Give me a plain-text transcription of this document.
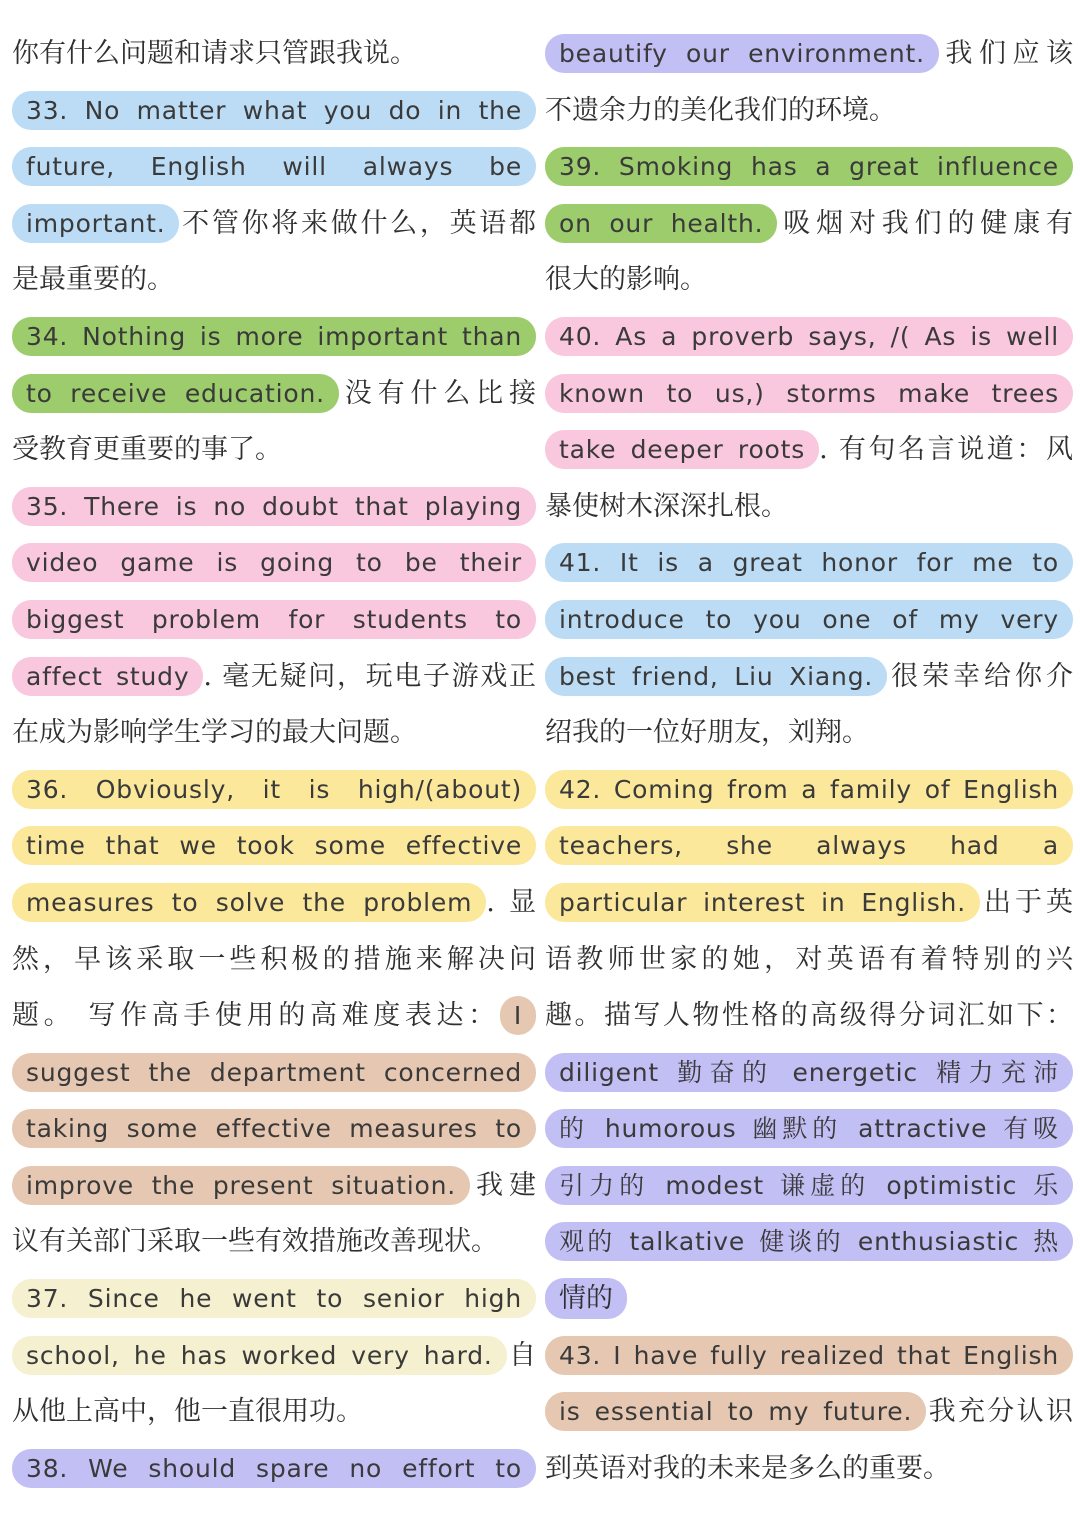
你有什么问题和请求只管跟我说。
33. No matter what you do in the
future, English will always be
important. 不管你将来做什么，英语都
是最重要的。
34. Nothing is more important than
to receive education. 没有什么比接
受教育更重要的事了。
35. There is no doubt that playing
video game is going to be their
biggest problem for students to
affect study . 毫无疑问，玩电子游戏正
在成为影响学生学习的最大问题。
36. Obviously, it is high/(about)
time that we took some effective
measures to solve the problem . 显
然，早该采取一些积极的措施来解决问
题。 写作高手使用的高难度表达： I
suggest the department concerned
taking some effective measures to
improve the present situation. 我建
议有关部门采取一些有效措施改善现状。
37. Since he went to senior high
school, he has worked very hard. 自
从他上高中，他一直很用功。
38. We should spare no effort to
beautify our environment. 我们应该
不遗余力的美化我们的环境。
39. Smoking has a great influence
on our health. 吸烟对我们的健康有
很大的影响。
40. As a proverb says, /( As is well
known to us,) storms make trees
take deeper roots . 有句名言说道：风
暴使树木深深扎根。
41. It is a great honor for me to
introduce to you one of my very
best friend, Liu Xiang. 很荣幸给你介
绍我的一位好朋友，刘翔。
42. Coming from a family of English
teachers, she always had a
particular interest in English. 出于英
语教师世家的她，对英语有着特别的兴
趣。描写人物性格的高级得分词汇如下：
diligent 勤奋的 energetic 精力充沛
的 humorous 幽默的 attractive 有吸
引力的 modest 谦虚的 optimistic 乐
观的 talkative 健谈的 enthusiastic 热
情的
43. I have fully realized that English
is essential to my future. 我充分认识
到英语对我的未来是多么的重要。
